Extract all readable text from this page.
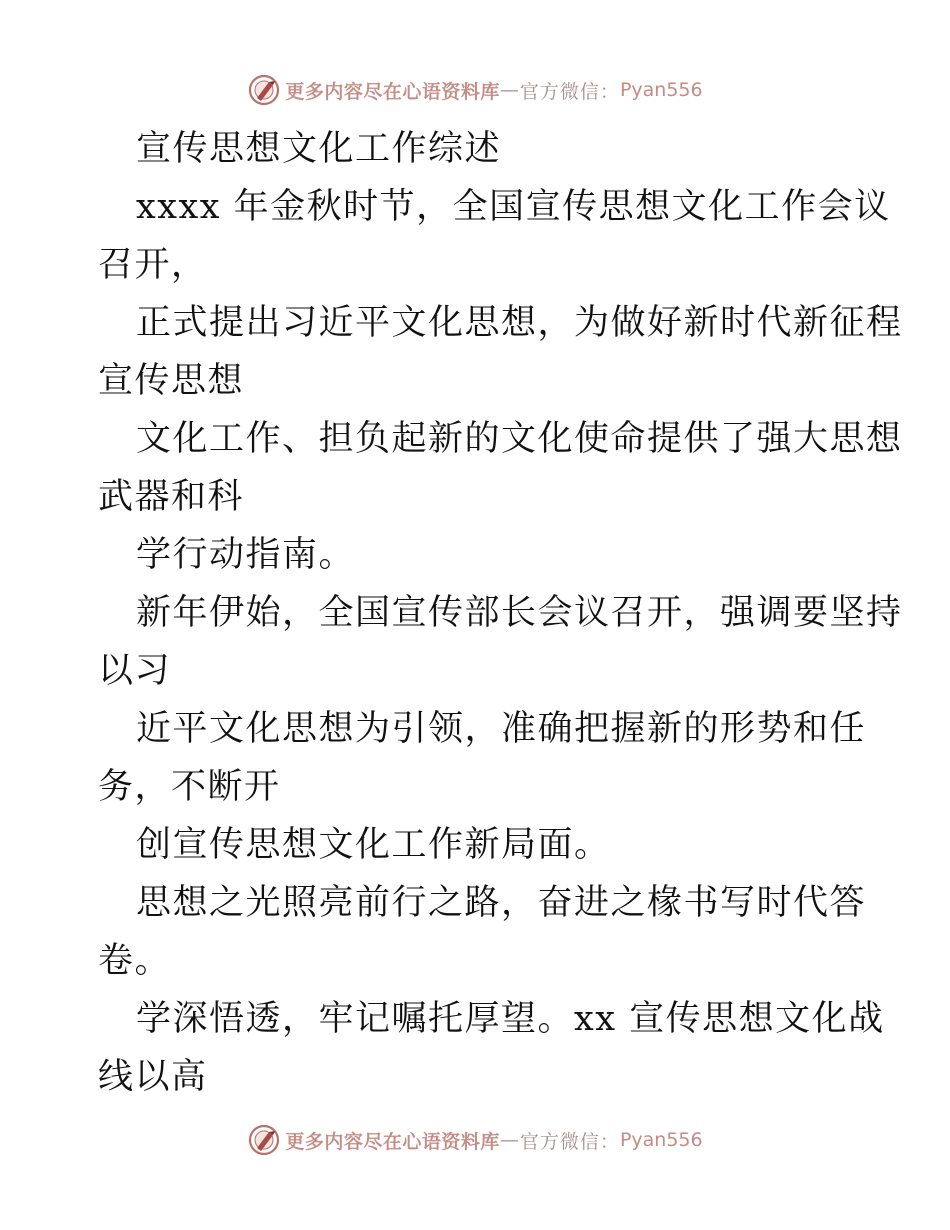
更多内容尽在心语资料库 — 官方微信： Pyan556
宣传思想文化工作综述
xxxx 年金秋时节，全国宣传思想文化工作会议
召开，
正式提出习近平文化思想，为做好新时代新征程
宣传思想
文化工作、担负起新的文化使命提供了强大思想
武器和科
学行动指南。
新年伊始，全国宣传部长会议召开，强调要坚持
以习
近平文化思想为引领，准确把握新的形势和任
务，不断开
创宣传思想文化工作新局面。
思想之光照亮前行之路，奋进之椽书写时代答
卷。
学深悟透，牢记嘱托厚望。xx 宣传思想文化战
线以高
更多内容尽在心语资料库 — 官方微信： Pyan556
